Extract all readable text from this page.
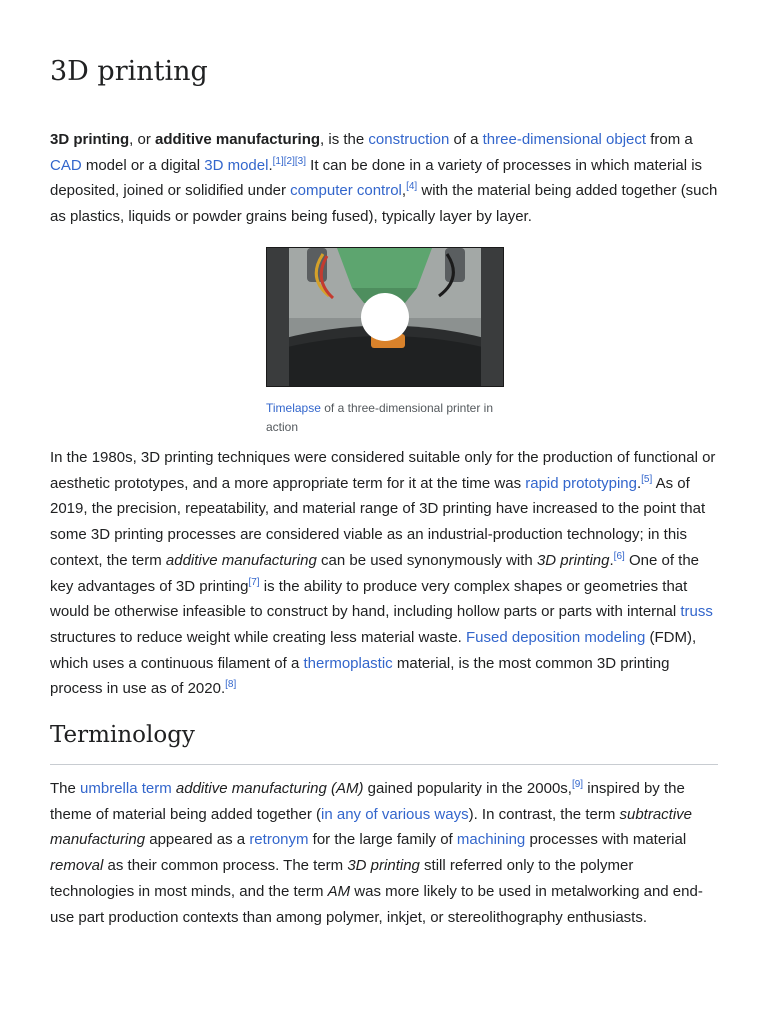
3D printing

3D printing, or additive manufacturing, is the construction of a three-dimensional object from a CAD model or a digital 3D model.[1][2][3] It can be done in a variety of processes in which material is deposited, joined or solidified under computer control,[4] with the material being added together (such as plastics, liquids or powder grains being fused), typically layer by layer.

Timelapse of a three-dimensional printer in action

In the 1980s, 3D printing techniques were considered suitable only for the production of functional or aesthetic prototypes, and a more appropriate term for it at the time was rapid prototyping.[5] As of 2019, the precision, repeatability, and material range of 3D printing have increased to the point that some 3D printing processes are considered viable as an industrial-production technology; in this context, the term additive manufacturing can be used synonymously with 3D printing.[6] One of the key advantages of 3D printing[7] is the ability to produce very complex shapes or geometries that would be otherwise infeasible to construct by hand, including hollow parts or parts with internal truss structures to reduce weight while creating less material waste. Fused deposition modeling (FDM), which uses a continuous filament of a thermoplastic material, is the most common 3D printing process in use as of 2020.[8]

Terminology

The umbrella term additive manufacturing (AM) gained popularity in the 2000s,[9] inspired by the theme of material being added together (in any of various ways). In contrast, the term subtractive manufacturing appeared as a retronym for the large family of machining processes with material removal as their common process. The term 3D printing still referred only to the polymer technologies in most minds, and the term AM was more likely to be used in metalworking and end-use part production contexts than among polymer, inkjet, or stereolithography enthusiasts.
